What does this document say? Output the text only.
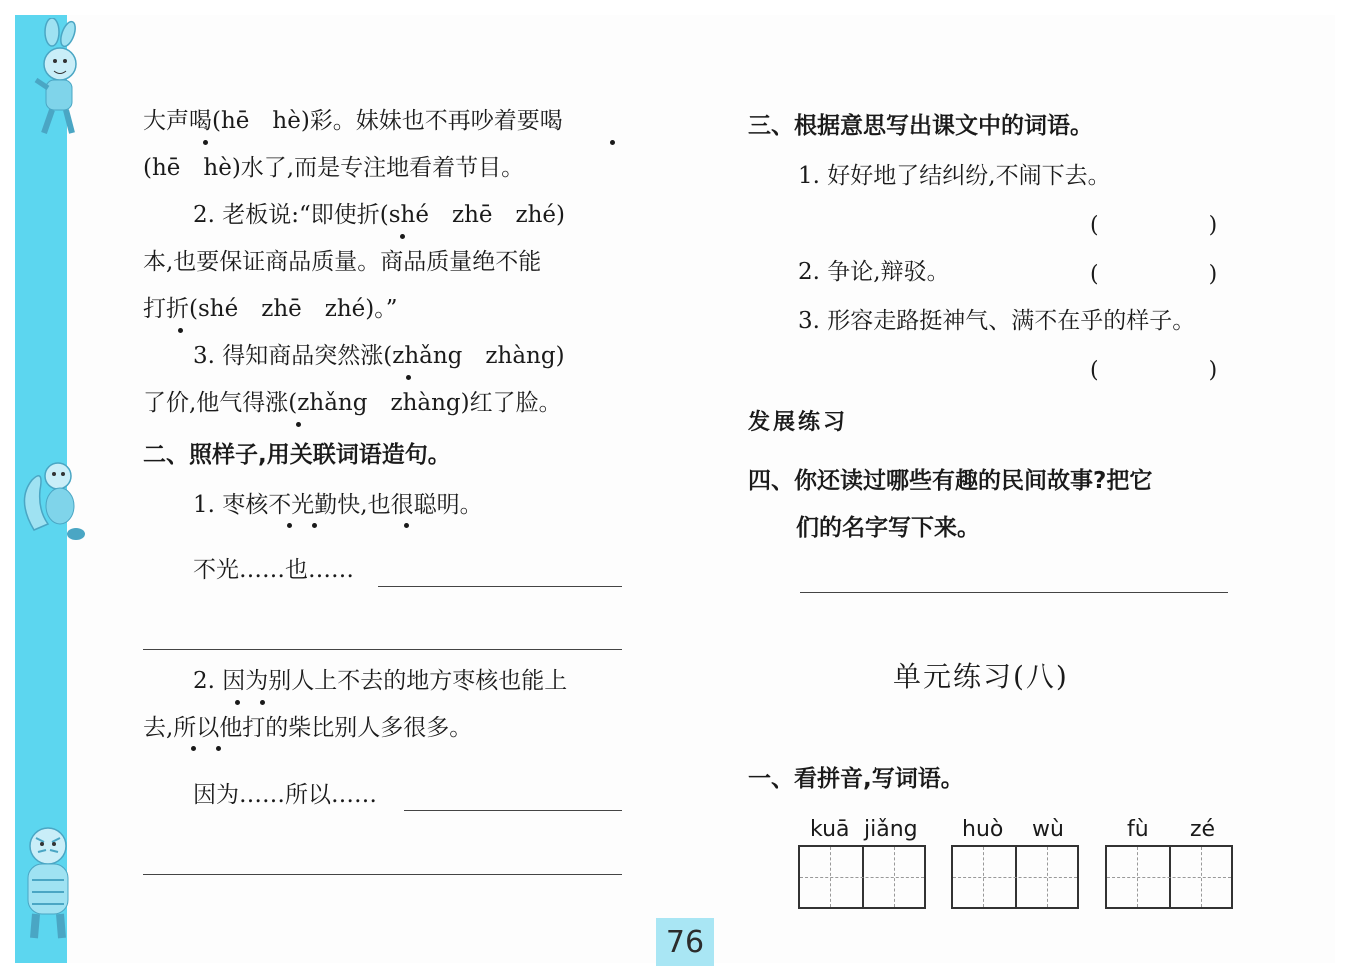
大声喝(hē　hè)彩。妹妹也不再吵着要喝
(hē　hè)水了,而是专注地看着节目。
2. 老板说:“即使折(shé　zhē　zhé)
本,也要保证商品质量。商品质量绝不能
打折(shé　zhē　zhé)。”
3. 得知商品突然涨(zhǎng　zhàng)
了价,他气得涨(zhǎng　zhàng)红了脸。
二、照样子,用关联词语造句。
1. 枣核不光勤快,也很聪明。
不光……也……
2. 因为别人上不去的地方枣核也能上
去,所以他打的柴比别人多很多。
因为……所以……
三、根据意思写出课文中的词语。
1. 好好地了结纠纷,不闹下去。
(　　　　　)
2. 争论,辩驳。	(　　　　　)
3. 形容走路挺神气、满不在乎的样子。
(　　　　　)
发展练习
四、你还读过哪些有趣的民间故事?把它
们的名字写下来。
单元练习(八)
一、看拼音,写词语。
kuā jiǎng huò wù	fù zé
76
